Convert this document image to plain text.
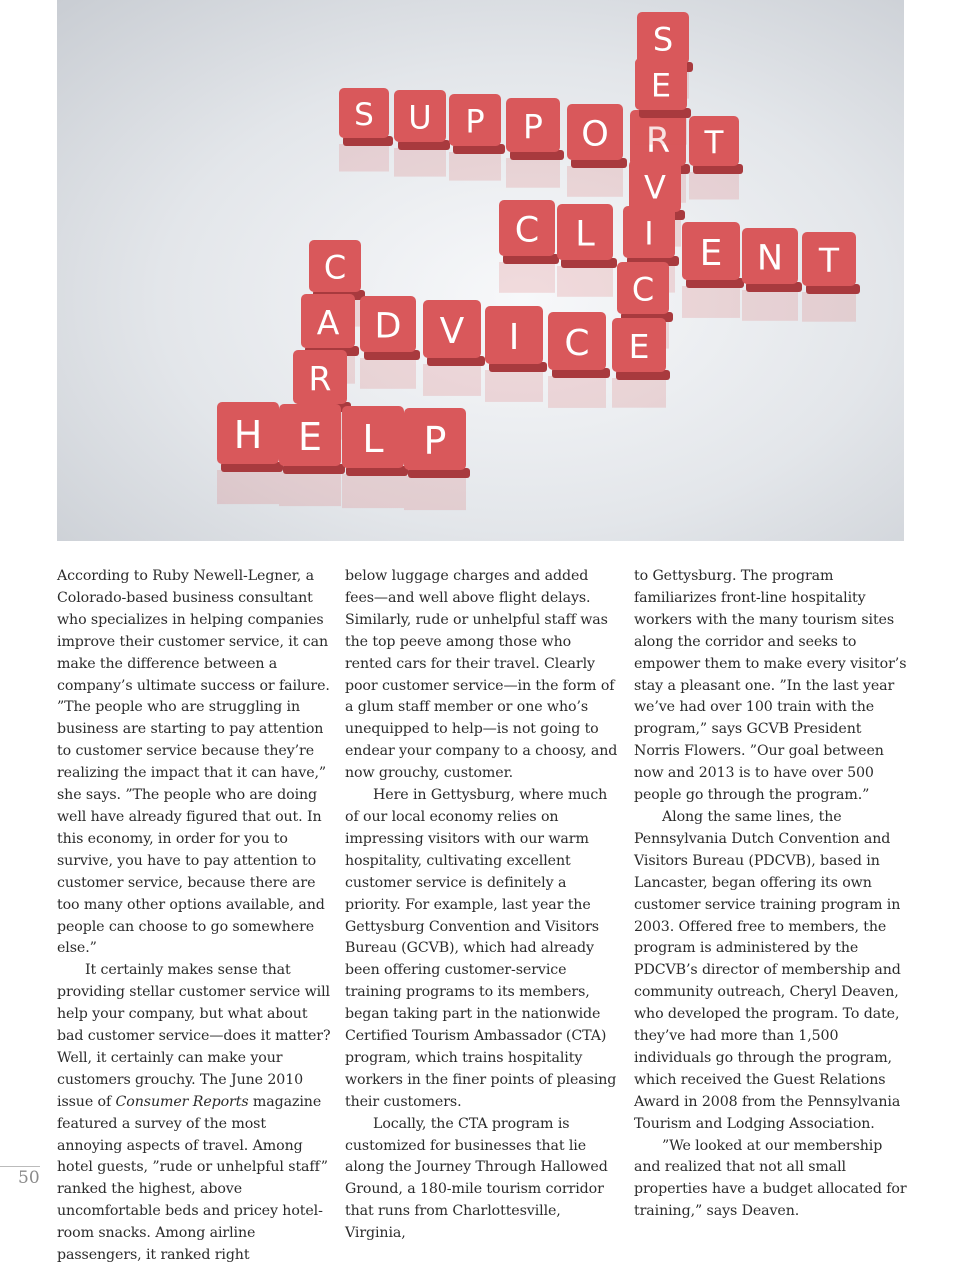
S U P P O R T
S
E
V
I
C
E
C L	E N T
C
A
R
D V I C
H E L P

According to Ruby Newell-Legner, a Colorado-based business consultant who specializes in helping companies improve their customer service, it can make the difference between a company’s ultimate success or failure. ”The people who are struggling in business are starting to pay attention to customer service because they’re realizing the impact that it can have,” she says. ”The people who are doing well have already figured that out. In this economy, in order for you to survive, you have to pay attention to customer service, because there are too many other options available, and people can choose to go somewhere else.”

It certainly makes sense that providing stellar customer service will help your company, but what about bad customer service—does it matter? Well, it certainly can make your customers grouchy. The June 2010 issue of Consumer Reports magazine featured a survey of the most annoying aspects of travel. Among hotel guests, ”rude or unhelpful staff” ranked the highest, above uncomfortable beds and pricey hotel-room snacks. Among airline passengers, it ranked right

below luggage charges and added fees—and well above flight delays. Similarly, rude or unhelpful staff was the top peeve among those who rented cars for their travel. Clearly poor customer service—in the form of a glum staff member or one who’s unequipped to help—is not going to endear your company to a choosy, and now grouchy, customer.

Here in Gettysburg, where much of our local economy relies on impressing visitors with our warm hospitality, cultivating excellent customer service is definitely a priority. For example, last year the Gettysburg Convention and Visitors Bureau (GCVB), which had already been offering customer-service training programs to its members, began taking part in the nationwide Certified Tourism Ambassador (CTA) program, which trains hospitality workers in the finer points of pleasing their customers.

Locally, the CTA program is customized for businesses that lie along the Journey Through Hallowed Ground, a 180-mile tourism corridor that runs from Charlottesville, Virginia,

to Gettysburg. The program familiarizes front-line hospitality workers with the many tourism sites along the corridor and seeks to empower them to make every visitor’s stay a pleasant one. ”In the last year we’ve had over 100 train with the program,” says GCVB President Norris Flowers. ”Our goal between now and 2013 is to have over 500 people go through the program.”

Along the same lines, the Pennsylvania Dutch Convention and Visitors Bureau (PDCVB), based in Lancaster, began offering its own customer service training program in 2003. Offered free to members, the program is administered by the PDCVB’s director of membership and community outreach, Cheryl Deaven, who developed the program. To date, they’ve had more than 1,500 individuals go through the program, which received the Guest Relations Award in 2008 from the Pennsylvania Tourism and Lodging Association.

”We looked at our membership and realized that not all small properties have a budget allocated for training,” says Deaven.

50
